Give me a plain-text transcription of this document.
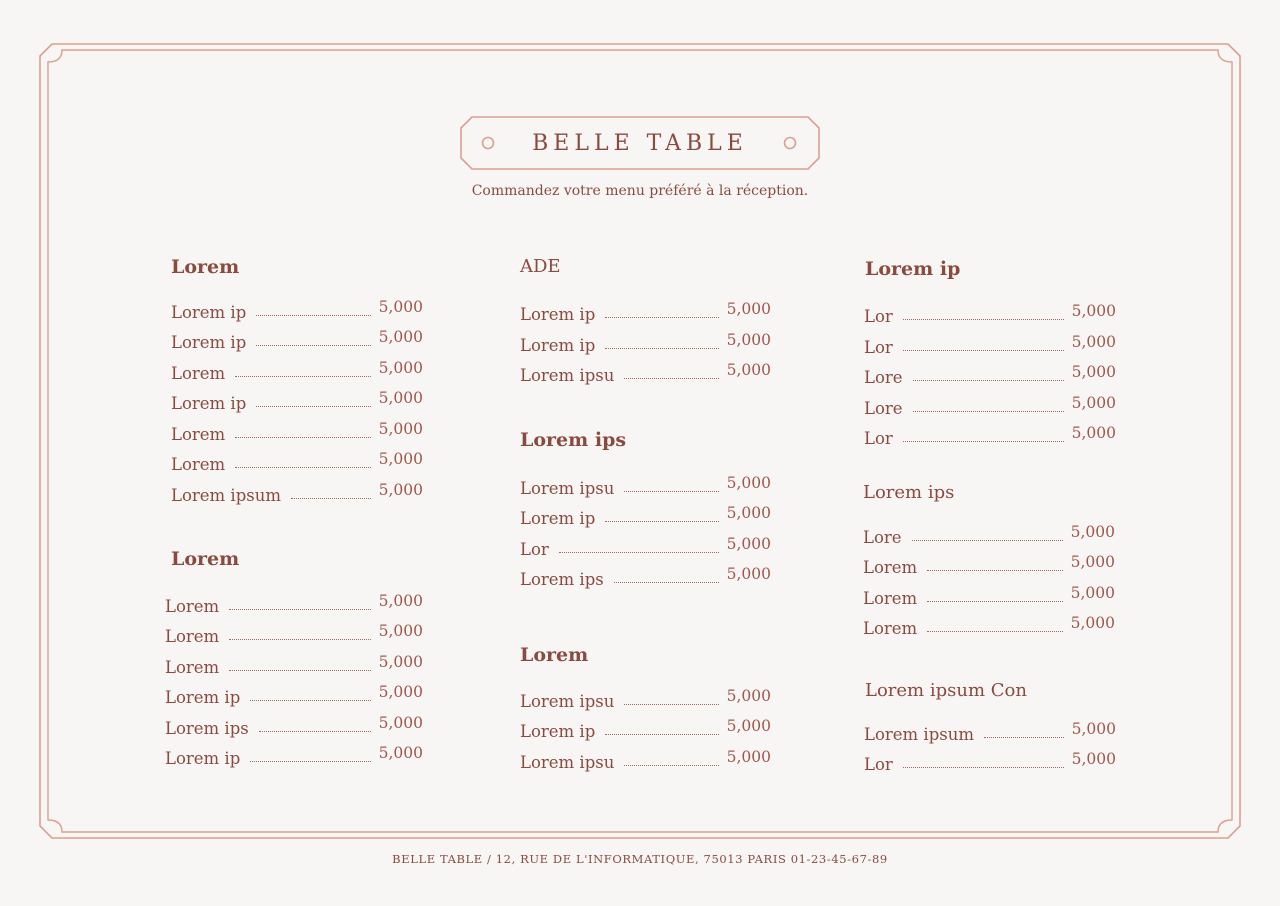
BELLE TABLE
Commandez votre menu préféré à la réception.
Lorem
Lorem ip	5,000
Lorem ip	5,000
Lorem	5,000
Lorem ip	5,000
Lorem	5,000
Lorem	5,000
Lorem ipsum	5,000
Lorem
Lorem	5,000
Lorem	5,000
Lorem	5,000
Lorem ip	5,000
Lorem ips	5,000
Lorem ip	5,000
ADE
Lorem ip	5,000
Lorem ip	5,000
Lorem ipsu	5,000
Lorem ips
Lorem ipsu	5,000
Lorem ip	5,000
Lor	5,000
Lorem ips	5,000
Lorem
Lorem ipsu	5,000
Lorem ip	5,000
Lorem ipsu	5,000
Lorem ip
Lor	5,000
Lor	5,000
Lore	5,000
Lore	5,000
Lor	5,000
Lorem ips
Lore	5,000
Lorem	5,000
Lorem	5,000
Lorem	5,000
Lorem ipsum Con
Lorem ipsum	5,000
Lor	5,000
BELLE TABLE / 12, RUE DE L'INFORMATIQUE, 75013 PARIS 01-23-45-67-89
